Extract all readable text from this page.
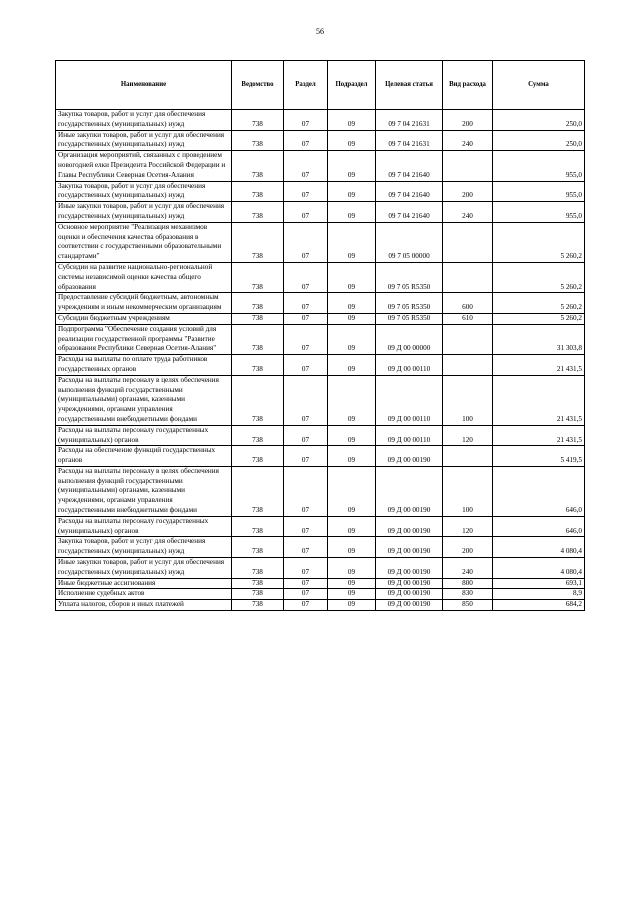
56
Наименование	Ведомство	Раздел	Подраздел	Целевая статья	Вид расхода	Сумма
Закупка товаров, работ и услуг для обеспечения государственных (муниципальных) нужд	738	07	09	09 7 04 21631	200	250,0
Иные закупки товаров, работ и услуг для обеспечения государственных (муниципальных) нужд	738	07	09	09 7 04 21631	240	250,0
Организация мероприятий, связанных с проведением новогодней елки Президента Российской Федерации и Главы Республики Северная Осетия-Алания	738	07	09	09 7 04 21640		955,0
Закупка товаров, работ и услуг для обеспечения государственных (муниципальных) нужд	738	07	09	09 7 04 21640	200	955,0
Иные закупки товаров, работ и услуг для обеспечения государственных (муниципальных) нужд	738	07	09	09 7 04 21640	240	955,0
Основное мероприятие "Реализация механизмов оценки и обеспечения качества образования в соответствии с государственными образовательными стандартами"	738	07	09	09 7 05 00000		5 260,2
Субсидии на развитие национально-региональной системы независимой оценки качества общего образования	738	07	09	09 7 05 R5350		5 260,2
Предоставление субсидий бюджетным, автономным учреждениям и иным некоммерческим организациям	738	07	09	09 7 05 R5350	600	5 260,2
Субсидии бюджетным учреждениям	738	07	09	09 7 05 R5350	610	5 260,2
Подпрограмма "Обеспечение создания условий для реализации государственной программы "Развитие образования Республики Северная Осетия-Алания"	738	07	09	09 Д 00 00000		31 303,8
Расходы на выплаты по оплате труда работников государственных органов	738	07	09	09 Д 00 00110		21 431,5
Расходы на выплаты персоналу в целях обеспечения выполнения функций государственными (муниципальными) органами, казенными учреждениями, органами управления государственными внебюджетными фондами	738	07	09	09 Д 00 00110	100	21 431,5
Расходы на выплаты персоналу государственных (муниципальных) органов	738	07	09	09 Д 00 00110	120	21 431,5
Расходы на обеспечение функций государственных органов	738	07	09	09 Д 00 00190		5 419,5
Расходы на выплаты персоналу в целях обеспечения выполнения функций государственными (муниципальными) органами, казенными учреждениями, органами управления государственными внебюджетными фондами	738	07	09	09 Д 00 00190	100	646,0
Расходы на выплаты персоналу государственных (муниципальных) органов	738	07	09	09 Д 00 00190	120	646,0
Закупка товаров, работ и услуг для обеспечения государственных (муниципальных) нужд	738	07	09	09 Д 00 00190	200	4 080,4
Иные закупки товаров, работ и услуг для обеспечения государственных (муниципальных) нужд	738	07	09	09 Д 00 00190	240	4 080,4
Иные бюджетные ассигнования	738	07	09	09 Д 00 00190	800	693,1
Исполнение судебных актов	738	07	09	09 Д 00 00190	830	8,9
Уплата налогов, сборов и иных платежей	738	07	09	09 Д 00 00190	850	684,2
